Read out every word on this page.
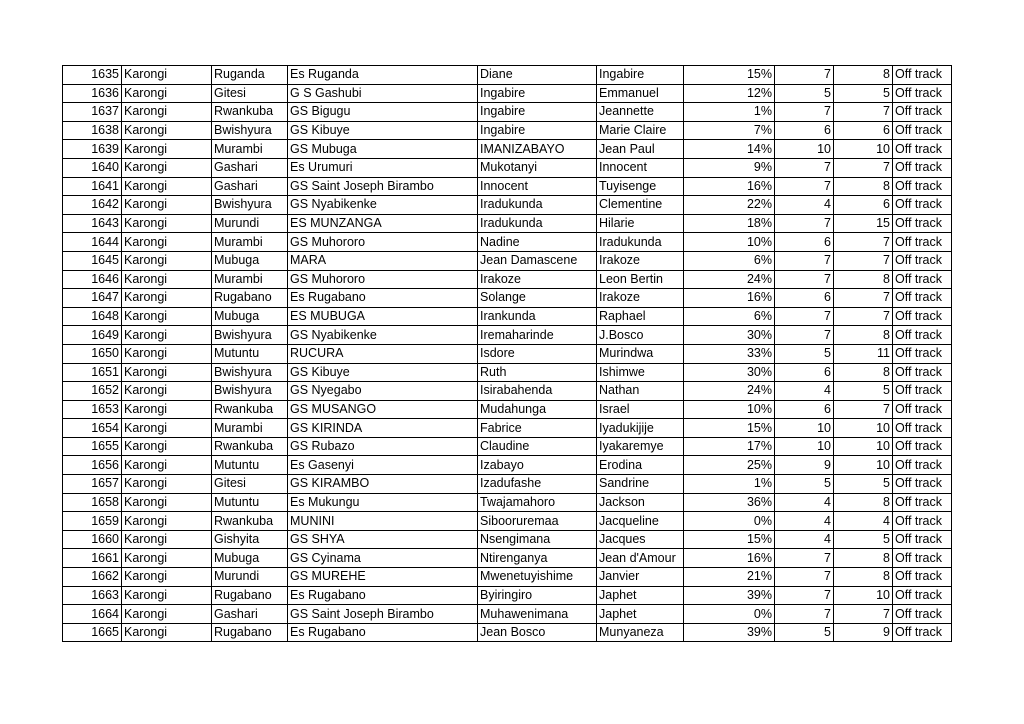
1635	Karongi	Ruganda	Es Ruganda	Diane	Ingabire	15%	7	8	Off track
1636	Karongi	Gitesi	G S Gashubi	Ingabire	Emmanuel	12%	5	5	Off track
1637	Karongi	Rwankuba	GS Bigugu	Ingabire	Jeannette	1%	7	7	Off track
1638	Karongi	Bwishyura	GS Kibuye	Ingabire	Marie Claire	7%	6	6	Off track
1639	Karongi	Murambi	GS Mubuga	IMANIZABAYO	Jean Paul	14%	10	10	Off track
1640	Karongi	Gashari	Es Urumuri	Mukotanyi	Innocent	9%	7	7	Off track
1641	Karongi	Gashari	GS Saint Joseph Birambo	Innocent	Tuyisenge	16%	7	8	Off track
1642	Karongi	Bwishyura	GS Nyabikenke	Iradukunda	Clementine	22%	4	6	Off track
1643	Karongi	Murundi	ES MUNZANGA	Iradukunda	Hilarie	18%	7	15	Off track
1644	Karongi	Murambi	GS Muhororo	Nadine	Iradukunda	10%	6	7	Off track
1645	Karongi	Mubuga	MARA	Jean Damascene	Irakoze	6%	7	7	Off track
1646	Karongi	Murambi	GS Muhororo	Irakoze	Leon Bertin	24%	7	8	Off track
1647	Karongi	Rugabano	Es Rugabano	Solange	Irakoze	16%	6	7	Off track
1648	Karongi	Mubuga	ES MUBUGA	Irankunda	Raphael	6%	7	7	Off track
1649	Karongi	Bwishyura	GS Nyabikenke	Iremaharinde	J.Bosco	30%	7	8	Off track
1650	Karongi	Mutuntu	RUCURA	Isdore	Murindwa	33%	5	11	Off track
1651	Karongi	Bwishyura	GS Kibuye	Ruth	Ishimwe	30%	6	8	Off track
1652	Karongi	Bwishyura	GS Nyegabo	Isirabahenda	Nathan	24%	4	5	Off track
1653	Karongi	Rwankuba	GS MUSANGO	Mudahunga	Israel	10%	6	7	Off track
1654	Karongi	Murambi	GS KIRINDA	Fabrice	Iyadukijije	15%	10	10	Off track
1655	Karongi	Rwankuba	GS Rubazo	Claudine	Iyakaremye	17%	10	10	Off track
1656	Karongi	Mutuntu	Es Gasenyi	Izabayo	Erodina	25%	9	10	Off track
1657	Karongi	Gitesi	GS KIRAMBO	Izadufashe	Sandrine	1%	5	5	Off track
1658	Karongi	Mutuntu	Es Mukungu	Twajamahoro	Jackson	36%	4	8	Off track
1659	Karongi	Rwankuba	MUNINI	Sibooruremaa	Jacqueline	0%	4	4	Off track
1660	Karongi	Gishyita	GS SHYA	Nsengimana	Jacques	15%	4	5	Off track
1661	Karongi	Mubuga	GS Cyinama	Ntirenganya	Jean d'Amour	16%	7	8	Off track
1662	Karongi	Murundi	GS MUREHE	Mwenetuyishime	Janvier	21%	7	8	Off track
1663	Karongi	Rugabano	Es Rugabano	Byiringiro	Japhet	39%	7	10	Off track
1664	Karongi	Gashari	GS Saint Joseph Birambo	Muhawenimana	Japhet	0%	7	7	Off track
1665	Karongi	Rugabano	Es Rugabano	Jean Bosco	Munyaneza	39%	5	9	Off track
